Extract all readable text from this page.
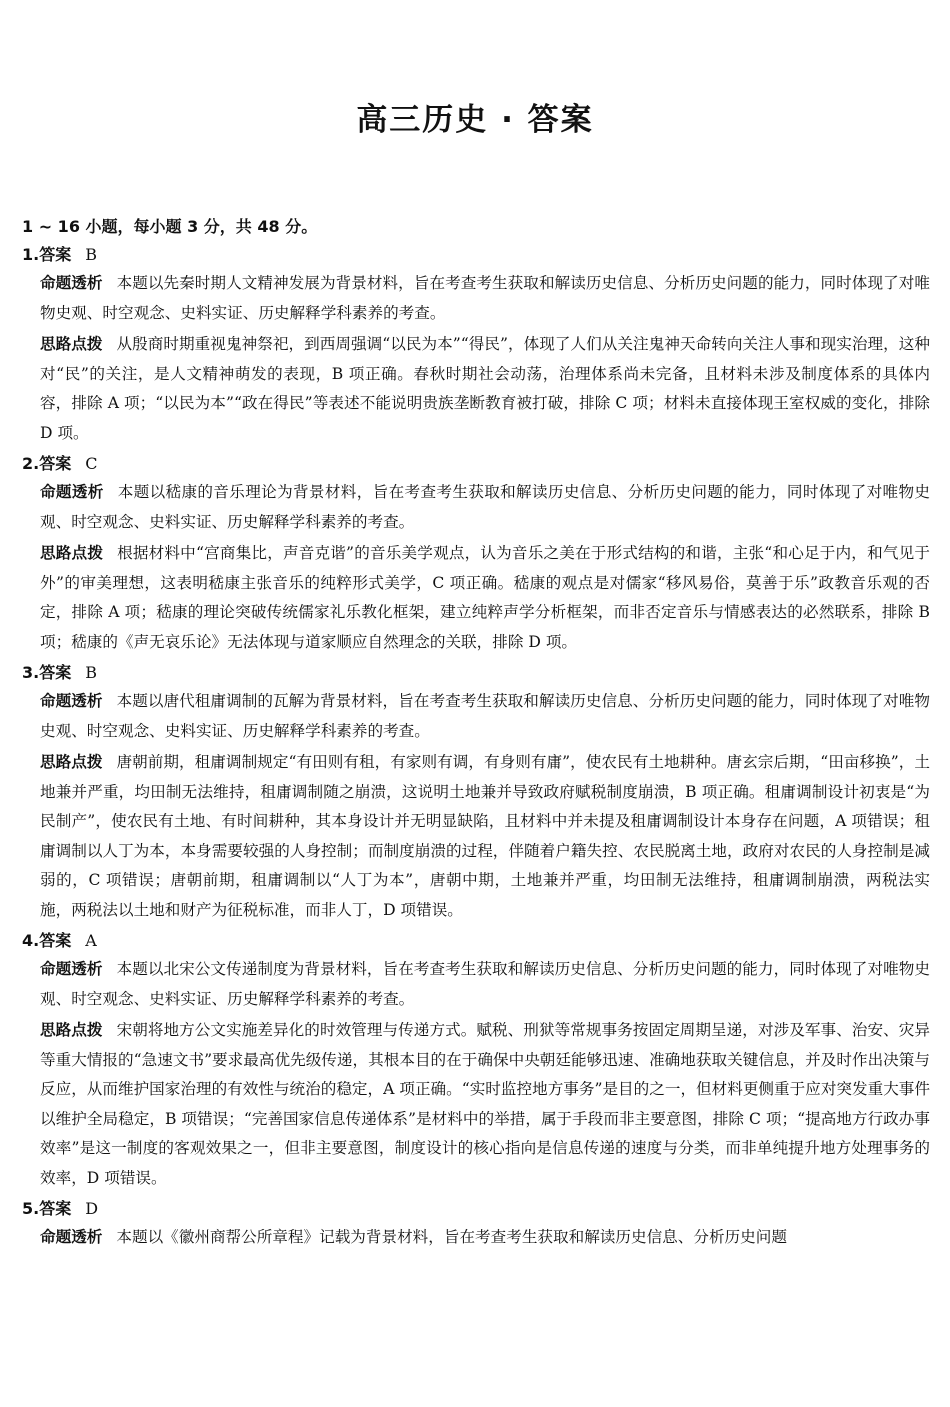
高三历史 · 答案
1 ~ 16 小题，每小题 3 分，共 48 分。
1.答案 B
命题透析 本题以先秦时期人文精神发展为背景材料，旨在考查考生获取和解读历史信息、分析历史问题的能力，同时体现了对唯物史观、时空观念、史料实证、历史解释学科素养的考查。
思路点拨 从殷商时期重视鬼神祭祀，到西周强调“以民为本”“得民”，体现了人们从关注鬼神天命转向关注人事和现实治理，这种对“民”的关注，是人文精神萌发的表现，B 项正确。春秋时期社会动荡，治理体系尚未完备，且材料未涉及制度体系的具体内容，排除 A 项；“以民为本”“政在得民”等表述不能说明贵族垄断教育被打破，排除 C 项；材料未直接体现王室权威的变化，排除 D 项。
2.答案 C
命题透析 本题以嵇康的音乐理论为背景材料，旨在考查考生获取和解读历史信息、分析历史问题的能力，同时体现了对唯物史观、时空观念、史料实证、历史解释学科素养的考查。
思路点拨 根据材料中“宫商集比，声音克谐”的音乐美学观点，认为音乐之美在于形式结构的和谐，主张“和心足于内，和气见于外”的审美理想，这表明嵇康主张音乐的纯粹形式美学，C 项正确。嵇康的观点是对儒家“移风易俗，莫善于乐”政教音乐观的否定，排除 A 项；嵇康的理论突破传统儒家礼乐教化框架，建立纯粹声学分析框架，而非否定音乐与情感表达的必然联系，排除 B 项；嵇康的《声无哀乐论》无法体现与道家顺应自然理念的关联，排除 D 项。
3.答案 B
命题透析 本题以唐代租庸调制的瓦解为背景材料，旨在考查考生获取和解读历史信息、分析历史问题的能力，同时体现了对唯物史观、时空观念、史料实证、历史解释学科素养的考查。
思路点拨 唐朝前期，租庸调制规定“有田则有租，有家则有调，有身则有庸”，使农民有土地耕种。唐玄宗后期，“田亩移换”，土地兼并严重，均田制无法维持，租庸调制随之崩溃，这说明土地兼并导致政府赋税制度崩溃，B 项正确。租庸调制设计初衷是“为民制产”，使农民有土地、有时间耕种，其本身设计并无明显缺陷，且材料中并未提及租庸调制设计本身存在问题，A 项错误；租庸调制以人丁为本，本身需要较强的人身控制；而制度崩溃的过程，伴随着户籍失控、农民脱离土地，政府对农民的人身控制是减弱的，C 项错误；唐朝前期，租庸调制以“人丁为本”，唐朝中期，土地兼并严重，均田制无法维持，租庸调制崩溃，两税法实施，两税法以土地和财产为征税标准，而非人丁，D 项错误。
4.答案 A
命题透析 本题以北宋公文传递制度为背景材料，旨在考查考生获取和解读历史信息、分析历史问题的能力，同时体现了对唯物史观、时空观念、史料实证、历史解释学科素养的考查。
思路点拨 宋朝将地方公文实施差异化的时效管理与传递方式。赋税、刑狱等常规事务按固定周期呈递，对涉及军事、治安、灾异等重大情报的“急速文书”要求最高优先级传递，其根本目的在于确保中央朝廷能够迅速、准确地获取关键信息，并及时作出决策与反应，从而维护国家治理的有效性与统治的稳定，A 项正确。“实时监控地方事务”是目的之一，但材料更侧重于应对突发重大事件以维护全局稳定，B 项错误；“完善国家信息传递体系”是材料中的举措，属于手段而非主要意图，排除 C 项；“提高地方行政办事效率”是这一制度的客观效果之一，但非主要意图，制度设计的核心指向是信息传递的速度与分类，而非单纯提升地方处理事务的效率，D 项错误。
5.答案 D
命题透析 本题以《徽州商帮公所章程》记载为背景材料，旨在考查考生获取和解读历史信息、分析历史问题
